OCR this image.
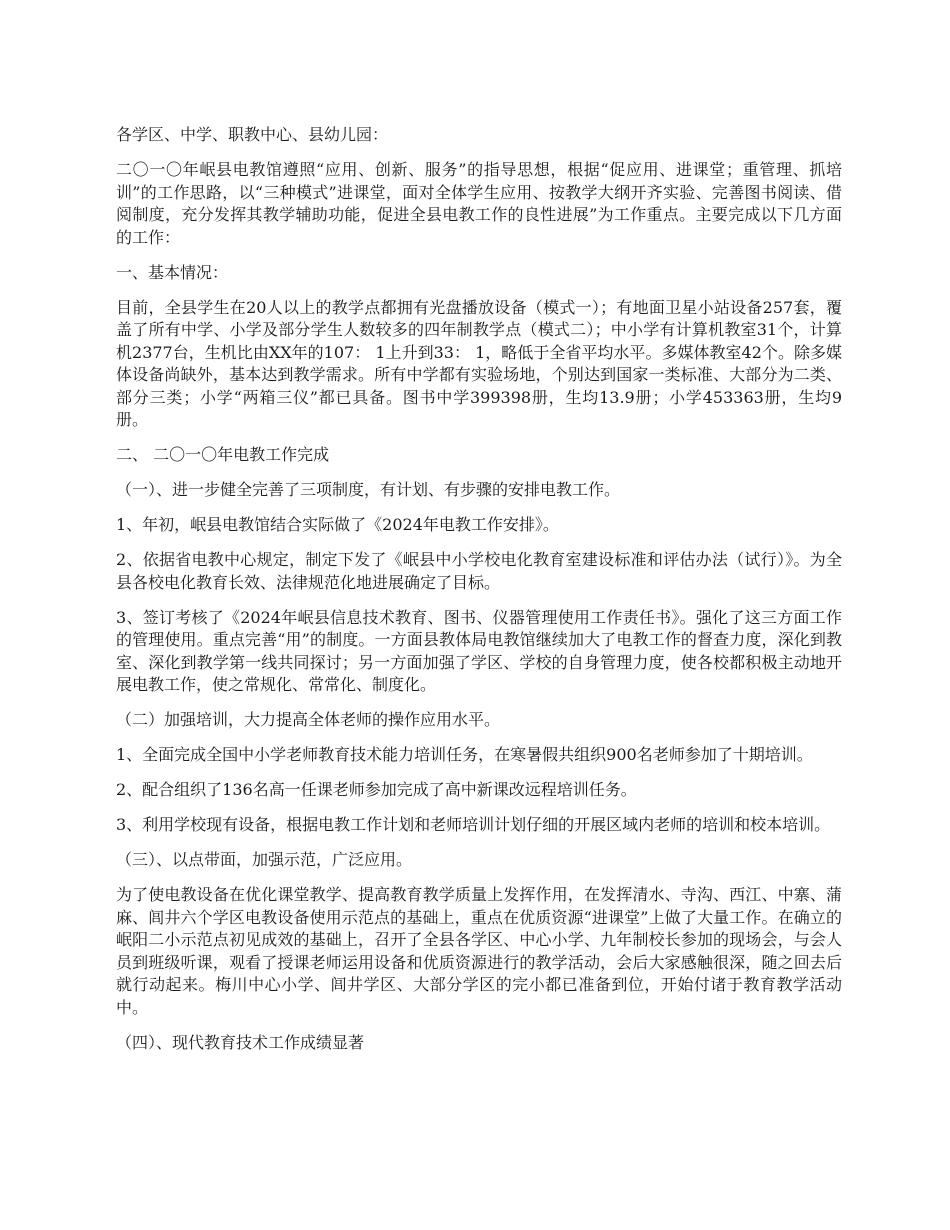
各学区、中学、职教中心、县幼儿园：

二〇一〇年岷县电教馆遵照“应用、创新、服务”的指导思想，根据“促应用、进课堂；重管理、抓培训”的工作思路，以“三种模式”进课堂，面对全体学生应用、按教学大纲开齐实验、完善图书阅读、借阅制度，充分发挥其教学辅助功能，促进全县电教工作的良性进展”为工作重点。主要完成以下几方面的工作：

一、基本情况：

目前，全县学生在20人以上的教学点都拥有光盘播放设备（模式一）；有地面卫星小站设备257套，覆盖了所有中学、小学及部分学生人数较多的四年制教学点（模式二）；中小学有计算机教室31个，计算机2377台，生机比由XX年的107： 1上升到33： 1，略低于全省平均水平。多媒体教室42个。除多媒体设备尚缺外，基本达到教学需求。所有中学都有实验场地，个别达到国家一类标准、大部分为二类、部分三类；小学“两箱三仪”都已具备。图书中学399398册，生均13.9册；小学453363册，生均9册。

二、 二〇一〇年电教工作完成

（一）、进一步健全完善了三项制度，有计划、有步骤的安排电教工作。

1、年初，岷县电教馆结合实际做了《2024年电教工作安排》。

2、依据省电教中心规定，制定下发了《岷县中小学校电化教育室建设标准和评估办法（试行）》。为全县各校电化教育长效、法律规范化地进展确定了目标。

3、签订考核了《2024年岷县信息技术教育、图书、仪器管理使用工作责任书》。强化了这三方面工作的管理使用。重点完善“用”的制度。一方面县教体局电教馆继续加大了电教工作的督查力度，深化到教室、深化到教学第一线共同探讨；另一方面加强了学区、学校的自身管理力度，使各校都积极主动地开展电教工作，使之常规化、常常化、制度化。

（二）加强培训，大力提高全体老师的操作应用水平。

1、全面完成全国中小学老师教育技术能力培训任务，在寒暑假共组织900名老师参加了十期培训。

2、配合组织了136名高一任课老师参加完成了高中新课改远程培训任务。

3、利用学校现有设备，根据电教工作计划和老师培训计划仔细的开展区域内老师的培训和校本培训。

（三）、以点带面，加强示范，广泛应用。

为了使电教设备在优化课堂教学、提高教育教学质量上发挥作用，在发挥清水、寺沟、西江、中寨、蒲麻、闾井六个学区电教设备使用示范点的基础上，重点在优质资源“进课堂”上做了大量工作。在确立的岷阳二小示范点初见成效的基础上，召开了全县各学区、中心小学、九年制校长参加的现场会，与会人员到班级听课，观看了授课老师运用设备和优质资源进行的教学活动，会后大家感触很深，随之回去后就行动起来。梅川中心小学、闾井学区、大部分学区的完小都已准备到位，开始付诸于教育教学活动中。

（四）、现代教育技术工作成绩显著
